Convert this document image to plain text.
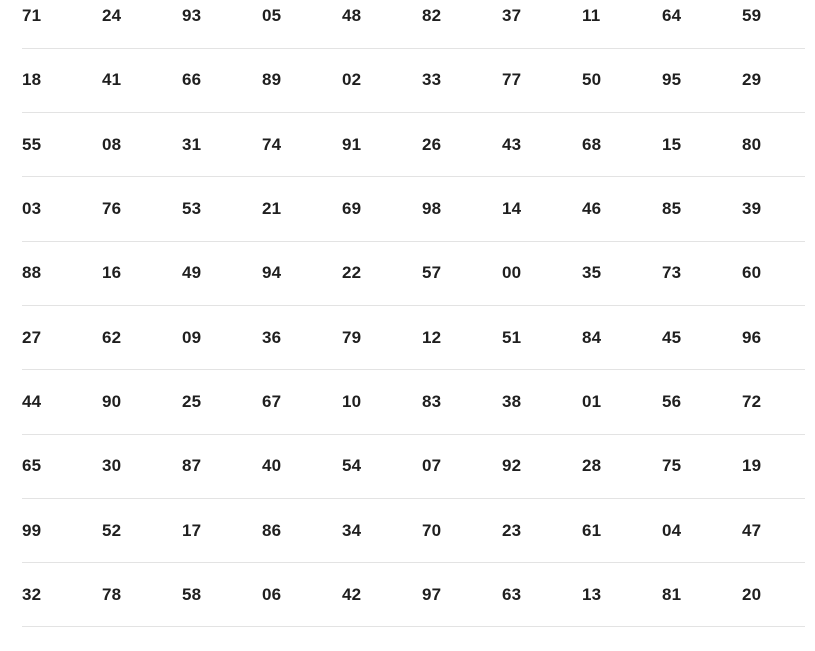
71	24	93	05	48	82	37	11	64	59
18	41	66	89	02	33	77	50	95	29
55	08	31	74	91	26	43	68	15	80
03	76	53	21	69	98	14	46	85	39
88	16	49	94	22	57	00	35	73	60
27	62	09	36	79	12	51	84	45	96
44	90	25	67	10	83	38	01	56	72
65	30	87	40	54	07	92	28	75	19
99	52	17	86	34	70	23	61	04	47
32	78	58	06	42	97	63	13	81	20
